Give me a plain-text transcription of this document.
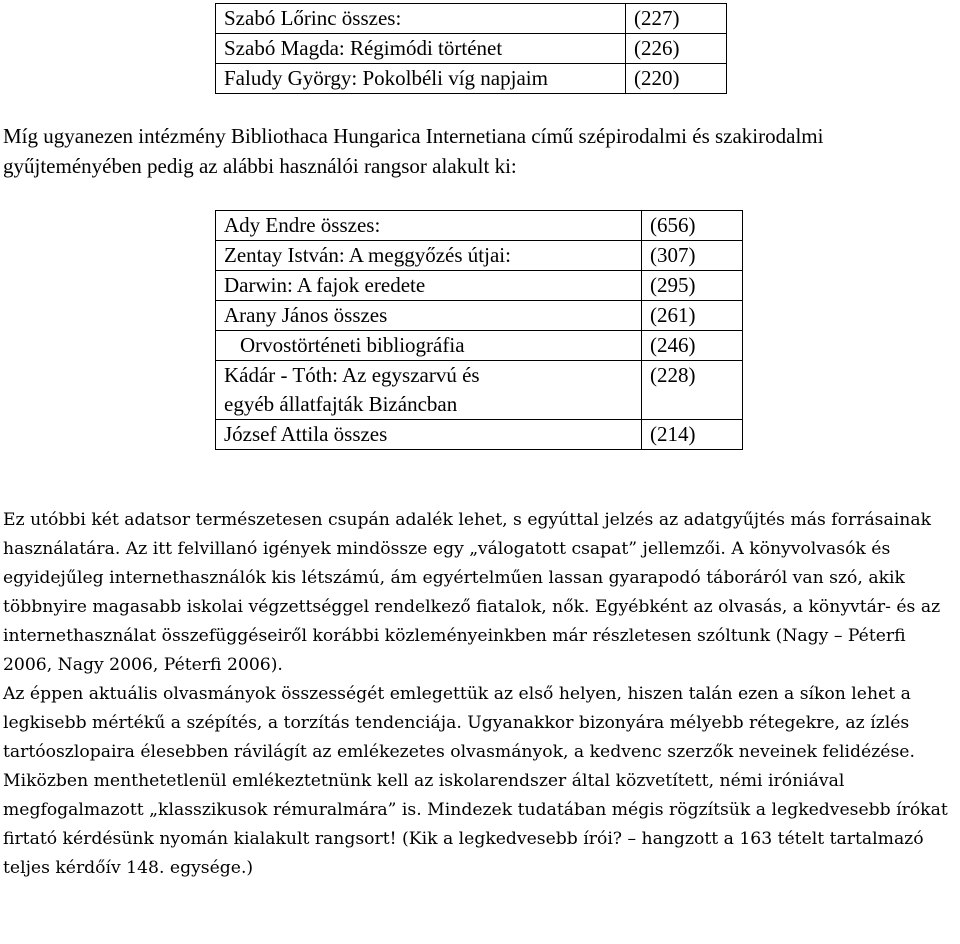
Szabó Lőrinc összes:	(227)
Szabó Magda: Régimódi történet	(226)
Faludy György: Pokolbéli víg napjaim	(220)

Míg ugyanezen intézmény Bibliothaca Hungarica Internetiana című szépirodalmi és szakirodalmi gyűjteményében pedig az alábbi használói rangsor alakult ki:

Ady Endre összes:	(656)
Zentay István: A meggyőzés útjai:	(307)
Darwin: A fajok eredete	(295)
Arany János összes	(261)
Orvostörténeti bibliográfia	(246)

Kádár - Tóth: Az egyszarvú és
egyéb állatfajták Bizáncban	(228)
József Attila összes	(214)

Ez utóbbi két adatsor természetesen csupán adalék lehet, s egyúttal jelzés az adatgyűjtés más forrásainak használatára. Az itt felvillanó igények mindössze egy „válogatott csapat” jellemzői. A könyvolvasók és egyidejűleg internethasználók kis létszámú, ám egyértelműen lassan gyarapodó táboráról van szó, akik többnyire magasabb iskolai végzettséggel rendelkező fiatalok, nők. Egyébként az olvasás, a könyvtár- és az internethasználat összefüggéseiről korábbi közleményeinkben már részletesen szóltunk (Nagy – Péterfi 2006, Nagy 2006, Péterfi 2006).

Az éppen aktuális olvasmányok összességét emlegettük az első helyen, hiszen talán ezen a síkon lehet a legkisebb mértékű a szépítés, a torzítás tendenciája. Ugyanakkor bizonyára mélyebb rétegekre, az ízlés tartóoszlopaira élesebben rávilágít az emlékezetes olvasmányok, a kedvenc szerzők neveinek felidézése. Miközben menthetetlenül emlékeztetnünk kell az iskolarendszer által közvetített, némi iróniával megfogalmazott „klasszikusok rémuralmára” is. Mindezek tudatában mégis rögzítsük a legkedvesebb írókat firtató kérdésünk nyomán kialakult rangsort! (Kik a legkedvesebb írói? – hangzott a 163 tételt tartalmazó teljes kérdőív 148. egysége.)
